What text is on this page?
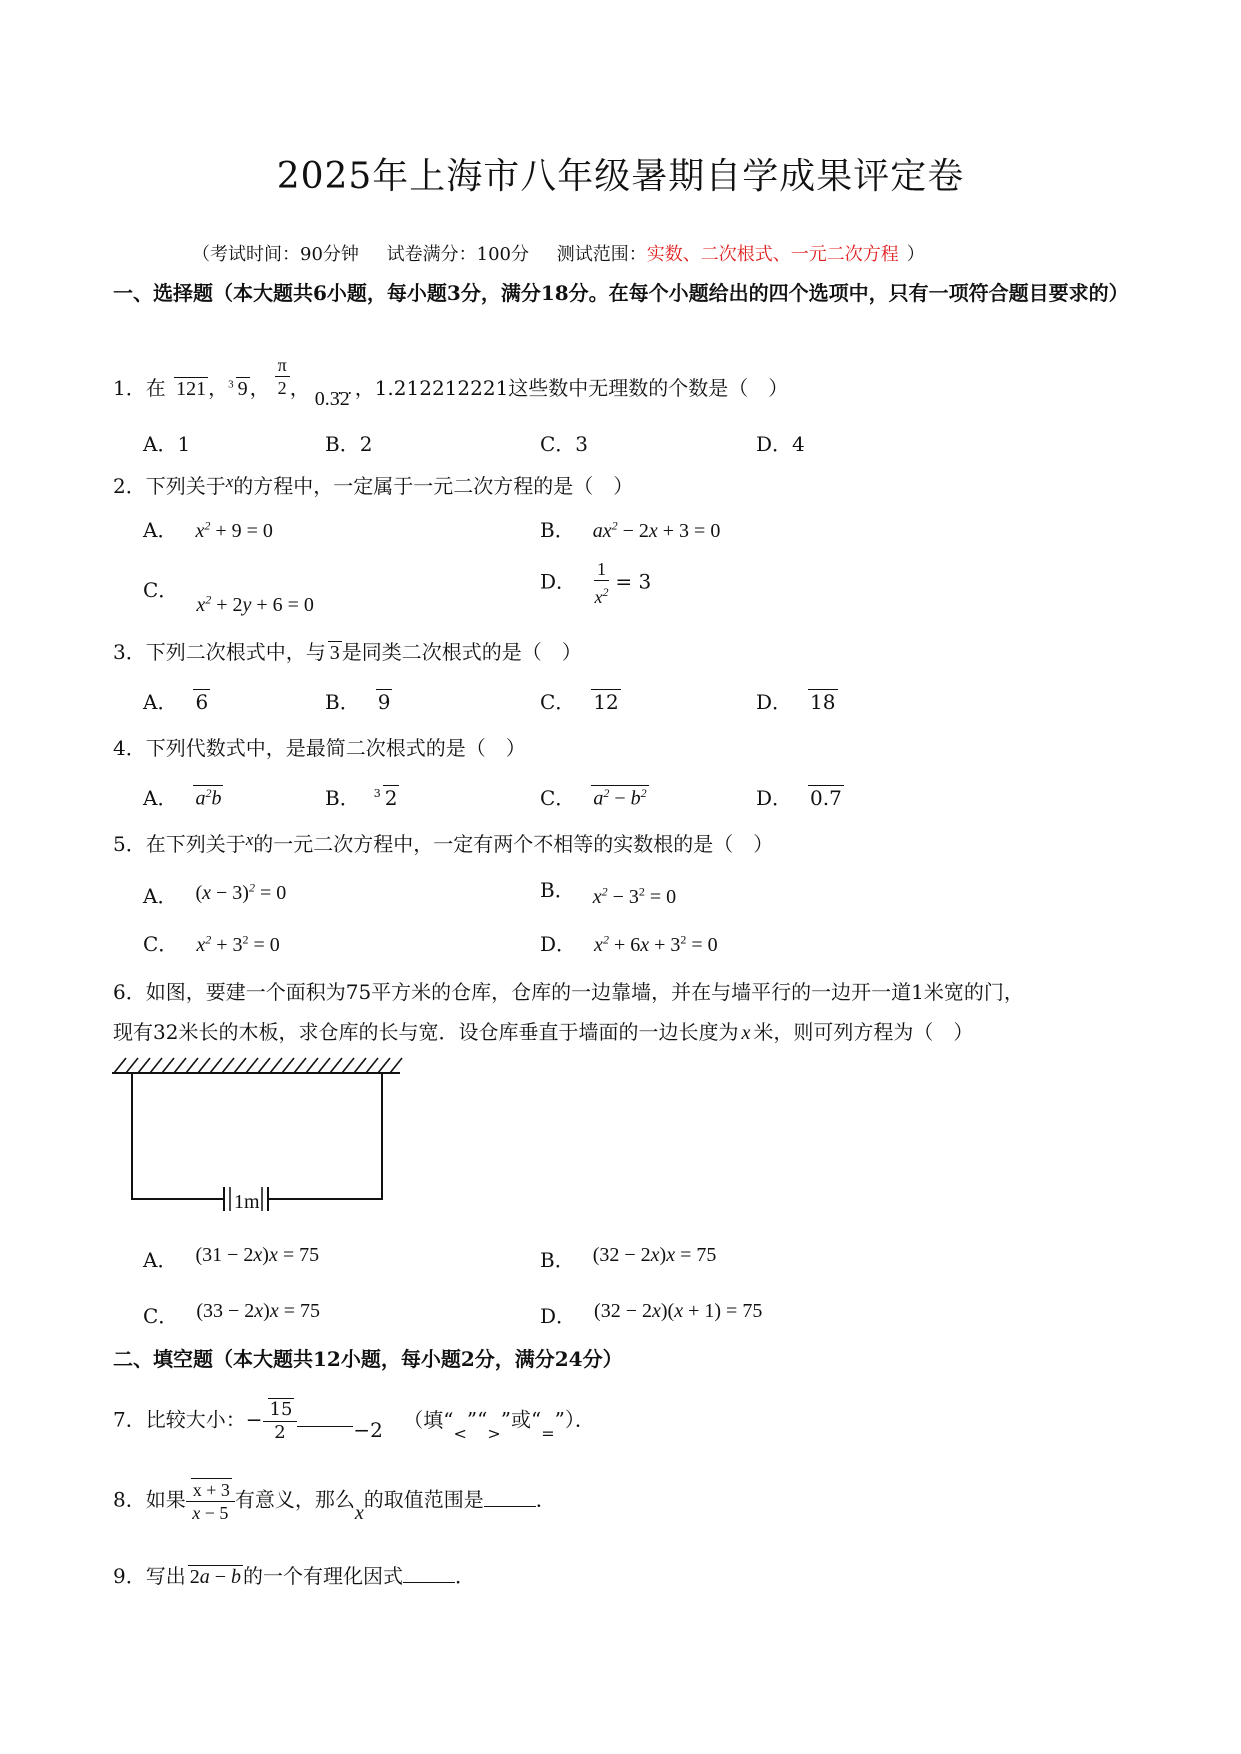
2025年上海市八年级暑期自学成果评定卷
（考试时间：90分钟 试卷满分：100分 测试范围：实数、二次根式、一元二次方程 ）
一、选择题（本大题共6小题，每小题3分，满分18分。在每个小题给出的四个选项中，只有一项符合题目要求的）
1．在 121 ，$^3$ 9 ， $\frac{\pi}{2}$ ， 0.3̇2̇ ，1.212212221这些数中无理数的个数是（　）
A．1	B．2	C．3	D．4
2．下列关于$^x$的方程中，一定属于一元二次方程的是（　）
A． $x^2 + 9 = 0$	B． $ax^2 - 2x + 3 = 0$
C．$x^2 + 2y + 6 = 0$
D． $\frac{1}{x^2} = 3$
3．下列二次根式中，与 3 是同类二次根式的是（　）
A． 6	B． 9	C． 12	D． 18
4．下列代数式中，是最简二次根式的是（　）
A． $a^2b$	B． $^3$ 2	C． $a^2 - b^2$	D． 0.7
5．在下列关于$^x$的一元二次方程中，一定有两个不相等的实数根的是（　）
A． $(x - 3)^2 = 0$	B． $x^2 - 3^2 = 0$
C． $x^2 + 3^2 = 0$	D． $x^2 + 6x + 3^2 = 0$
6．如图，要建一个面积为75平方米的仓库，仓库的一边靠墙，并在与墙平行的一边开一道1米宽的门，
现有32米长的木板，求仓库的长与宽．设仓库垂直于墙面的一边长度为 x 米，则可列方程为（　）
1m
A． (31 − 2x)x = 75	B． (32 − 2x)x = 75
C． (33 − 2x)x = 75	D． (32 − 2x)(x + 1) = 75
二、填空题（本大题共12小题，每小题2分，满分24分）
7．比较大小：− $\frac{15}{2}$	−2 （填“$_<”“_>$”或“$_=$”）．
8．如果 $\frac{x + 3}{x - 5}$ 有意义，那么x的取值范围是	．
9．写出 2a − b 的一个有理化因式	．
